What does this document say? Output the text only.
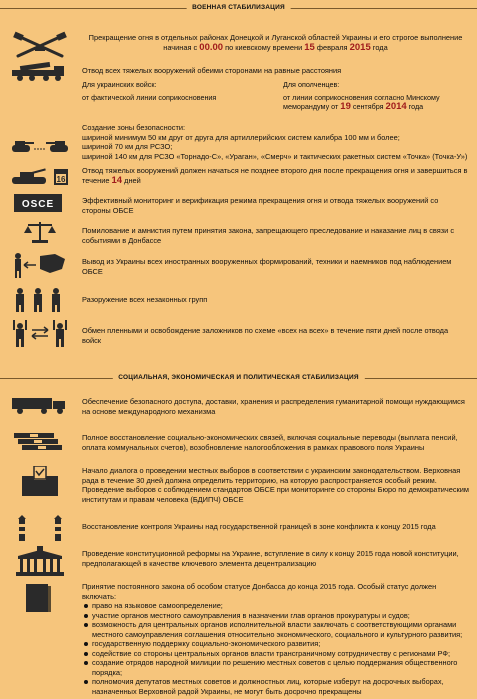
ВОЕННАЯ СТАБИЛИЗАЦИЯ
Прекращение огня в отдельных районах Донецкой и Луганской областей Украины и его строгое выполнение начиная с 00.00 по киевскому времени 15 февраля 2015 года
Отвод всех тяжелых вооружений обеими сторонами на равные расстояния
Для украинских войск:
от фактической линии соприкосновения
Для ополченцев:
от линии соприкосновения согласно Минскому меморандуму от 19 сентября 2014 года
Создание зоны безопасности:
шириной минимум 50 км друг от друга для артиллерийских систем калибра 100 мм и более;
шириной 70 км для РСЗО;
шириной 140 км для РСЗО «Торнадо-С», «Ураган», «Смерч» и тактических ракетных систем «Точка» (Точка-У»)
16
Отвод тяжелых вооружений должен начаться не позднее второго дня после прекращения огня и завершиться в течение 14 дней
OSCE	Эффективный мониторинг и верификация режима прекращения огня и отвода тяжелых вооружений со стороны ОБСЕ
Помилование и амнистия путем принятия закона, запрещающего преследование и наказание лиц в связи с событиями в Донбассе
Вывод из Украины всех иностранных вооруженных формирований, техники и наемников под наблюдением ОБСЕ
Разоружение всех незаконных групп
Обмен пленными и освобождение заложников по схеме «всех на всех» в течение пяти дней после отвода войск
СОЦИАЛЬНАЯ, ЭКОНОМИЧЕСКАЯ И ПОЛИТИЧЕСКАЯ СТАБИЛИЗАЦИЯ
Обеспечение безопасного доступа, доставки, хранения и распределения гуманитарной помощи нуждающимся на основе международного механизма
Полное восстановление социально-экономических связей, включая социальные переводы (выплата пенсий, оплата коммунальных счетов), возобновление налогообложения в рамках правового поля Украины
Начало диалога о проведении местных выборов в соответствии с украинским законодательством. Верховная рада в течение 30 дней должна определить территорию, на которую распространяется особый режим. Проведение выборов с соблюдением стандартов ОБСЕ при мониторинге со стороны Бюро по демократическим институтам и правам человека (БДИПЧ) ОБСЕ
Восстановление контроля Украины над государственной границей в зоне конфликта к концу 2015 года
Проведение конституционной реформы на Украине, вступление в силу к концу 2015 года новой конституции, предполагающей в качестве ключевого элемента децентрализацию
Принятие постоянного закона об особом статусе Донбасса до конца 2015 года. Особый статус должен включать:
право на языковое самоопределение;
участие органов местного самоуправления в назначении глав органов прокуратуры и судов;
возможность для центральных органов исполнительной власти заключать с соответствующими органами местного самоуправления соглашения относительно экономического, социального и культурного развития;
государственную поддержку социально-экономического развития;
содействие со стороны центральных органов власти трансграничному сотрудничеству с регионами РФ;
создание отрядов народной милиции по решению местных советов с целью поддержания общественного порядка;
полномочия депутатов местных советов и должностных лиц, которые изберут на досрочных выборах, назначенных Верховной радой Украины, не могут быть досрочно прекращены
